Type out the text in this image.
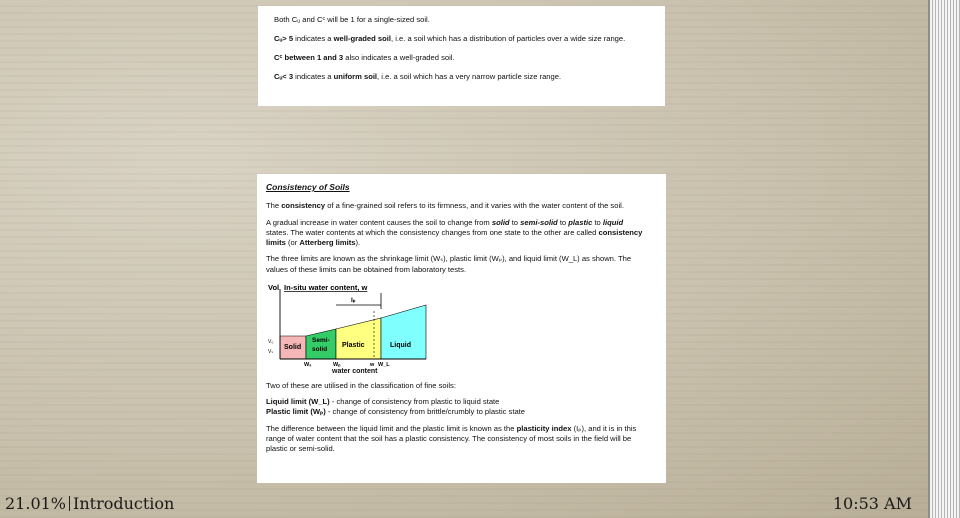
Both Cᵤ and Cᶜ will be 1 for a single-sized soil.

Cᵤ> 5 indicates a well-graded soil, i.e. a soil which has a distribution of particles over a wide size range.

Cᶜ between 1 and 3 also indicates a well-graded soil.

Cᵤ< 3 indicates a uniform soil, i.e. a soil which has a very narrow particle size range.

Consistency of Soils

The consistency of a fine-grained soil refers to its firmness, and it varies with the water content of the soil.

A gradual increase in water content causes the soil to change from solid to semi-solid to plastic to liquid states. The water contents at which the consistency changes from one state to the other are called consistency limits (or Atterberg limits).

The three limits are known as the shrinkage limit (Wₛ), plastic limit (Wₚ), and liquid limit (W_L) as shown. The values of these limits can be obtained from laboratory tests.

Vol In-situ water content, w
Iₚ
V₀
Vₛ
Solid
Semi-
solid
Plastic	Liquid
Wₛ	Wₚ	w W_L
water content

Two of these are utilised in the classification of fine soils:

Liquid limit (W_L) - change of consistency from plastic to liquid state
Plastic limit (Wₚ) - change of consistency from brittle/crumbly to plastic state

The difference between the liquid limit and the plastic limit is known as the plasticity index (Iₚ), and it is in this range of water content that the soil has a plastic consistency. The consistency of most soils in the field will be plastic or semi-solid.

21.01% Introduction	10:53 AM
